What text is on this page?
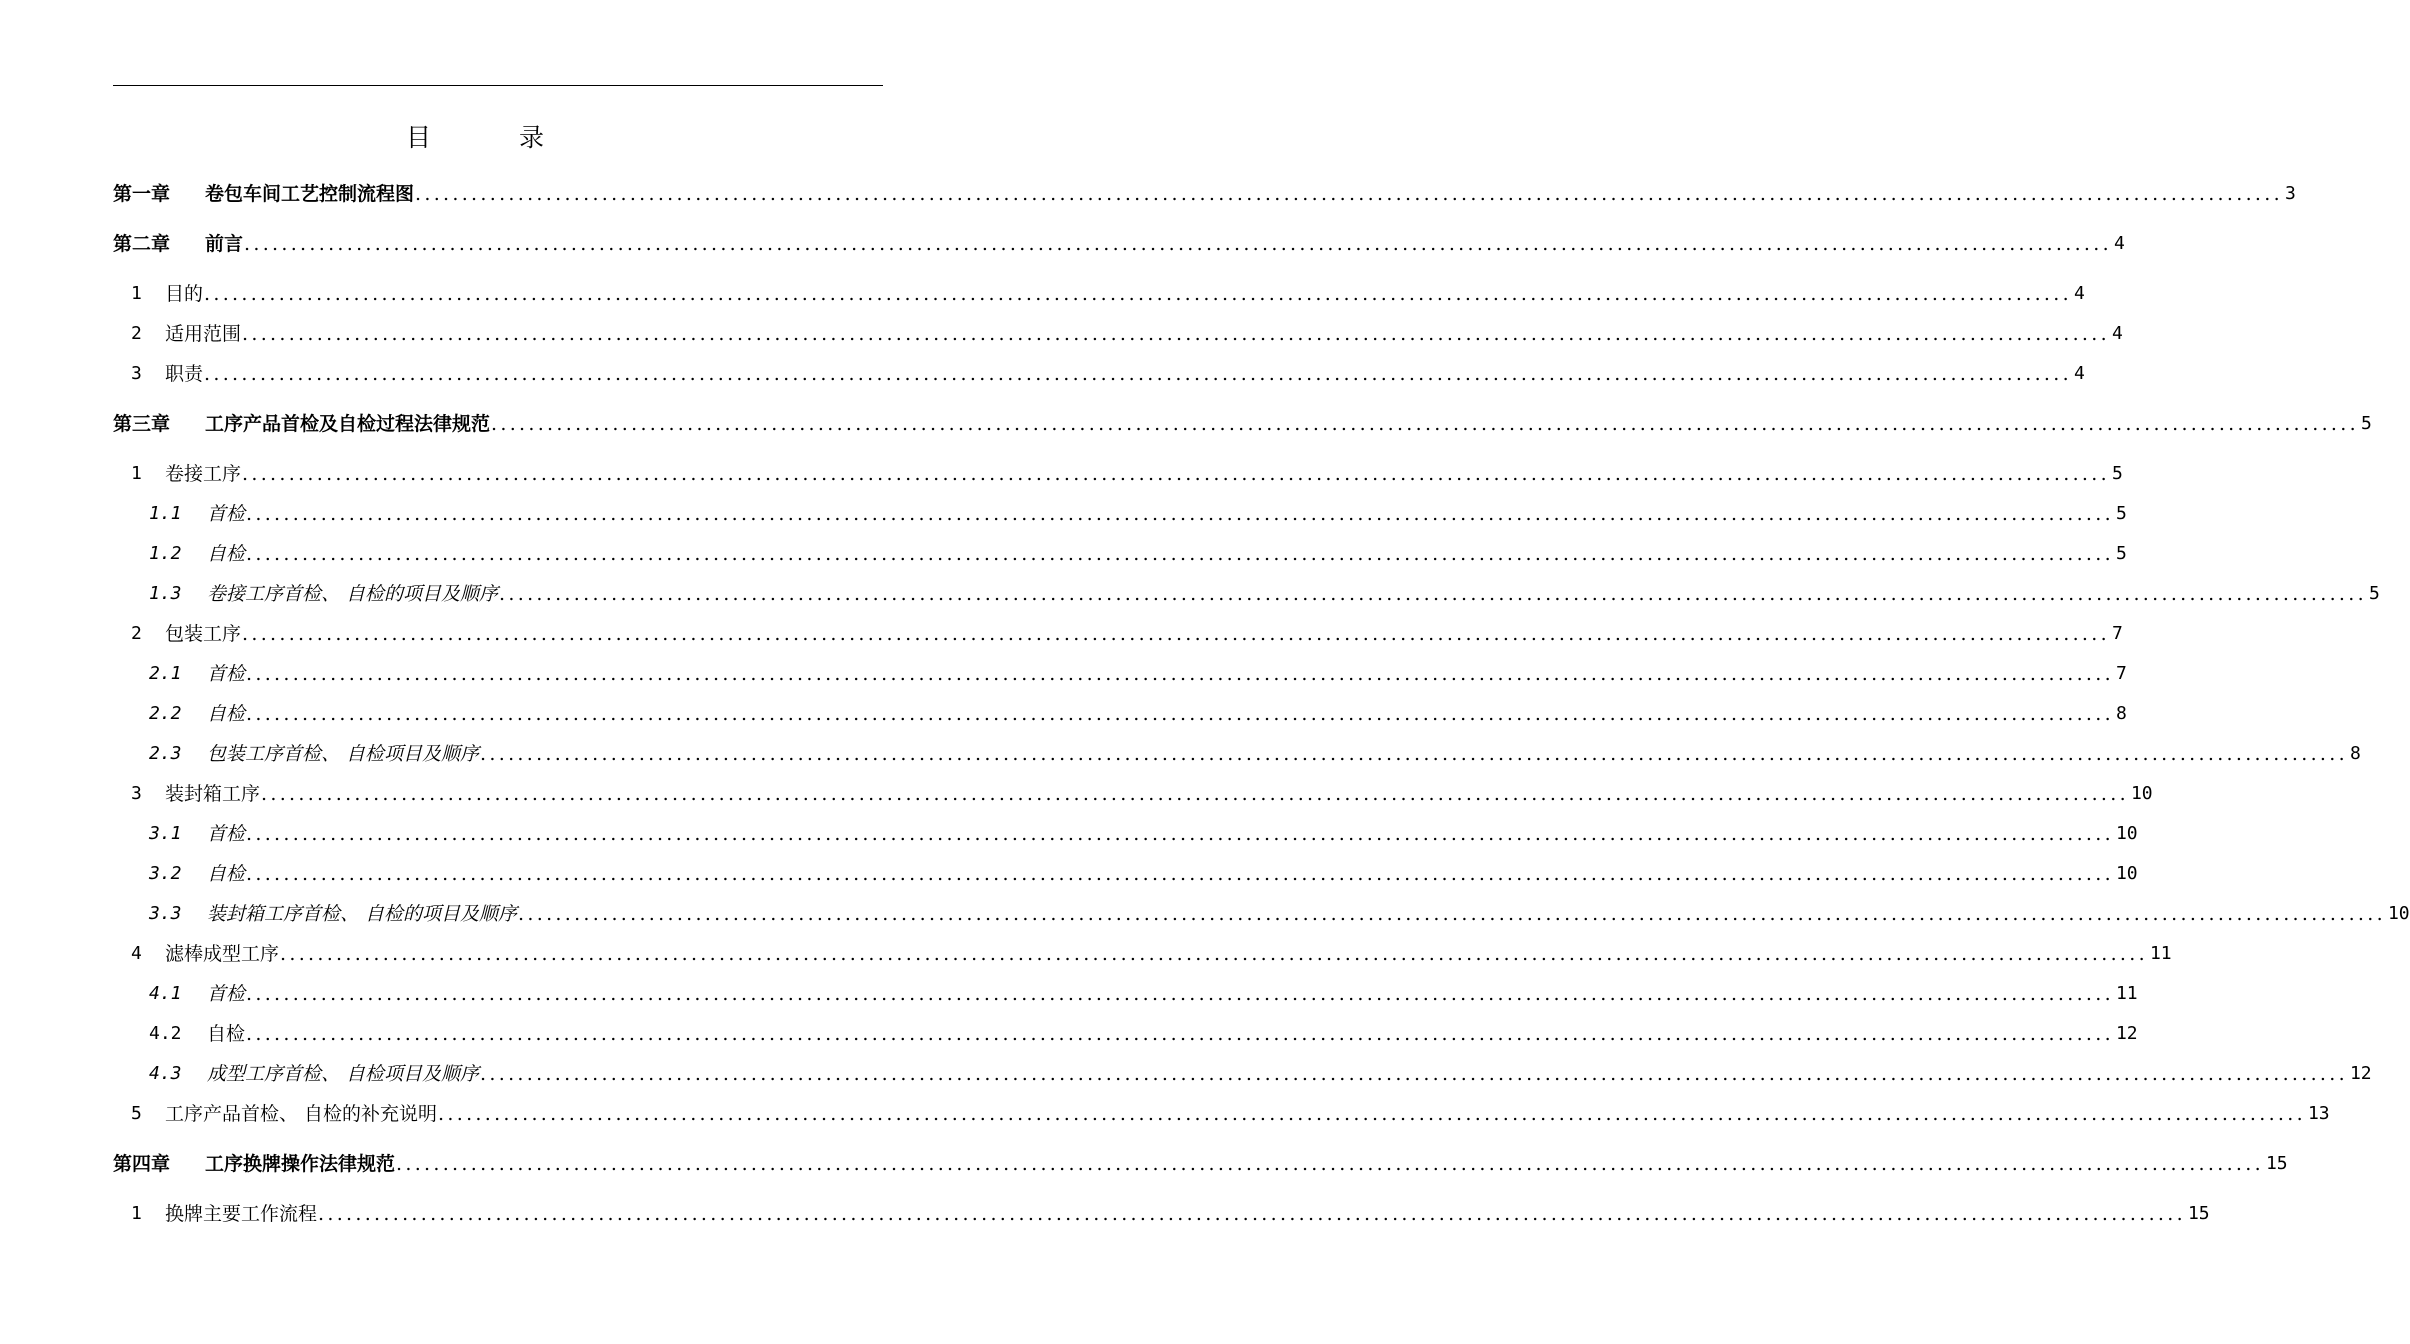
目 录
第一章	卷包车间工艺控制流程图 ........................................................................................................................................................................................................ 3
第二章	前言 ........................................................................................................................................................................................................ 4
1	目的 ........................................................................................................................................................................................................ 4
2	适用范围 ........................................................................................................................................................................................................ 4
3	职责 ........................................................................................................................................................................................................ 4
第三章	工序产品首检及自检过程法律规范 ........................................................................................................................................................................................................ 5
1	卷接工序 ........................................................................................................................................................................................................ 5
1.1	首检 ........................................................................................................................................................................................................ 5
1.2	自检 ........................................................................................................................................................................................................ 5
1.3	卷接工序首检、 自检的项目及顺序 ........................................................................................................................................................................................................ 5
2	包装工序 ........................................................................................................................................................................................................ 7
2.1	首检 ........................................................................................................................................................................................................ 7
2.2	自检 ........................................................................................................................................................................................................ 8
2.3	包装工序首检、 自检项目及顺序 ........................................................................................................................................................................................................ 8
3	装封箱工序 ........................................................................................................................................................................................................ 10
3.1	首检 ........................................................................................................................................................................................................ 10
3.2	自检 ........................................................................................................................................................................................................ 10
3.3	装封箱工序首检、 自检的项目及顺序 ........................................................................................................................................................................................................ 10
4	滤棒成型工序 ........................................................................................................................................................................................................ 11
4.1	首检 ........................................................................................................................................................................................................ 11
4.2	自检 ........................................................................................................................................................................................................ 12
4.3	成型工序首检、 自检项目及顺序 ........................................................................................................................................................................................................ 12
5	工序产品首检、 自检的补充说明 ........................................................................................................................................................................................................ 13
第四章	工序换牌操作法律规范 ........................................................................................................................................................................................................ 15
1	换牌主要工作流程 ........................................................................................................................................................................................................ 15
